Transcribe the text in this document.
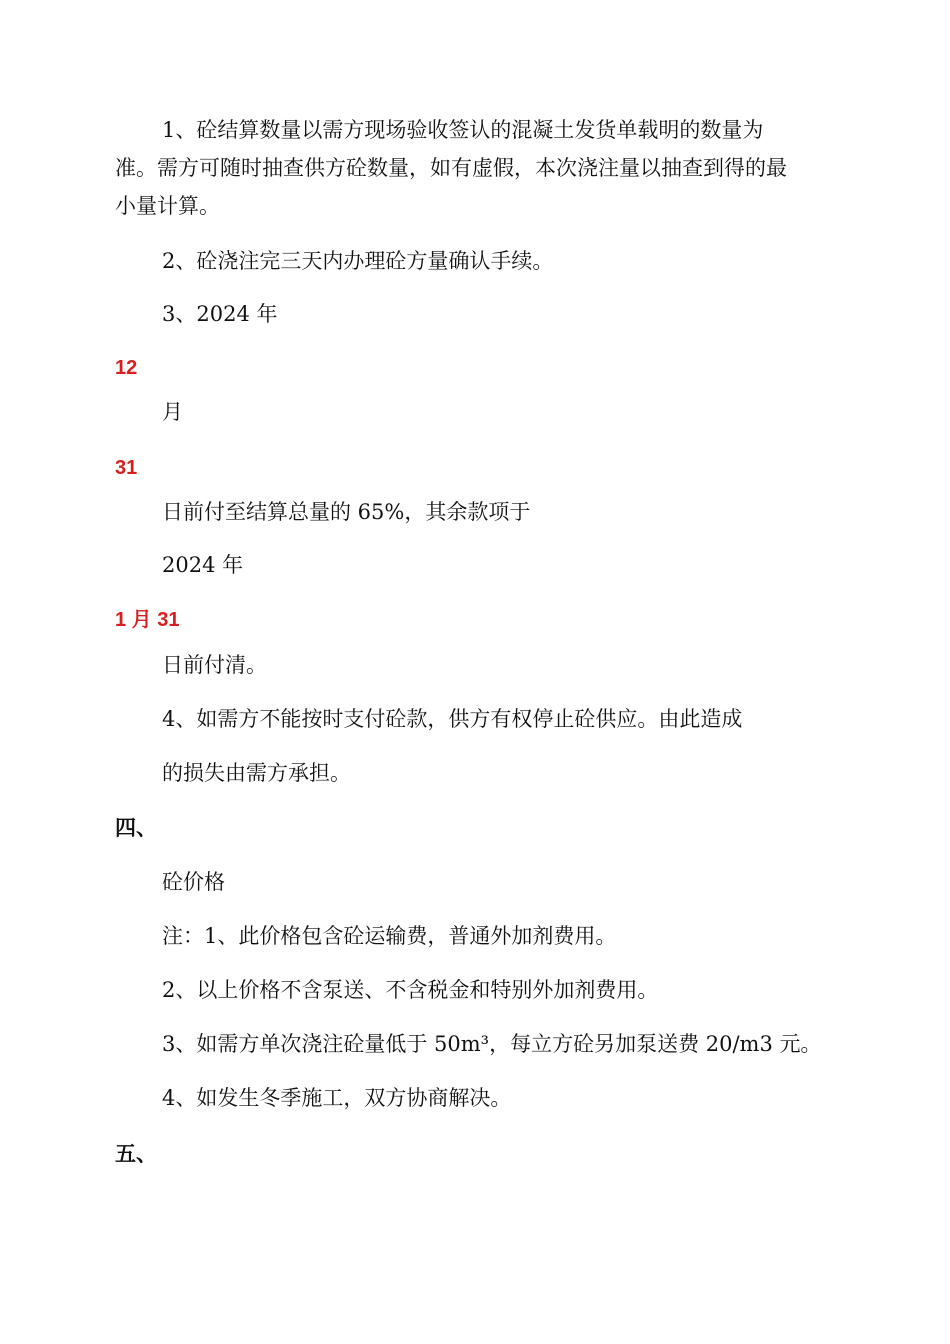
1、砼结算数量以需方现场验收签认的混凝土发货单载明的数量为
准。需方可随时抽查供方砼数量，如有虚假，本次浇注量以抽查到得的最
小量计算。
2、砼浇注完三天内办理砼方量确认手续。
3、2024 年
12
月
31
日前付至结算总量的 65%，其余款项于
2024 年
1 月 31
日前付清。
4、如需方不能按时支付砼款，供方有权停止砼供应。由此造成
的损失由需方承担。
四、
砼价格
注：1、此价格包含砼运输费，普通外加剂费用。
2、以上价格不含泵送、不含税金和特别外加剂费用。
3、如需方单次浇注砼量低于 50m³，每立方砼另加泵送费 20/m3 元。
4、如发生冬季施工，双方协商解决。
五、
